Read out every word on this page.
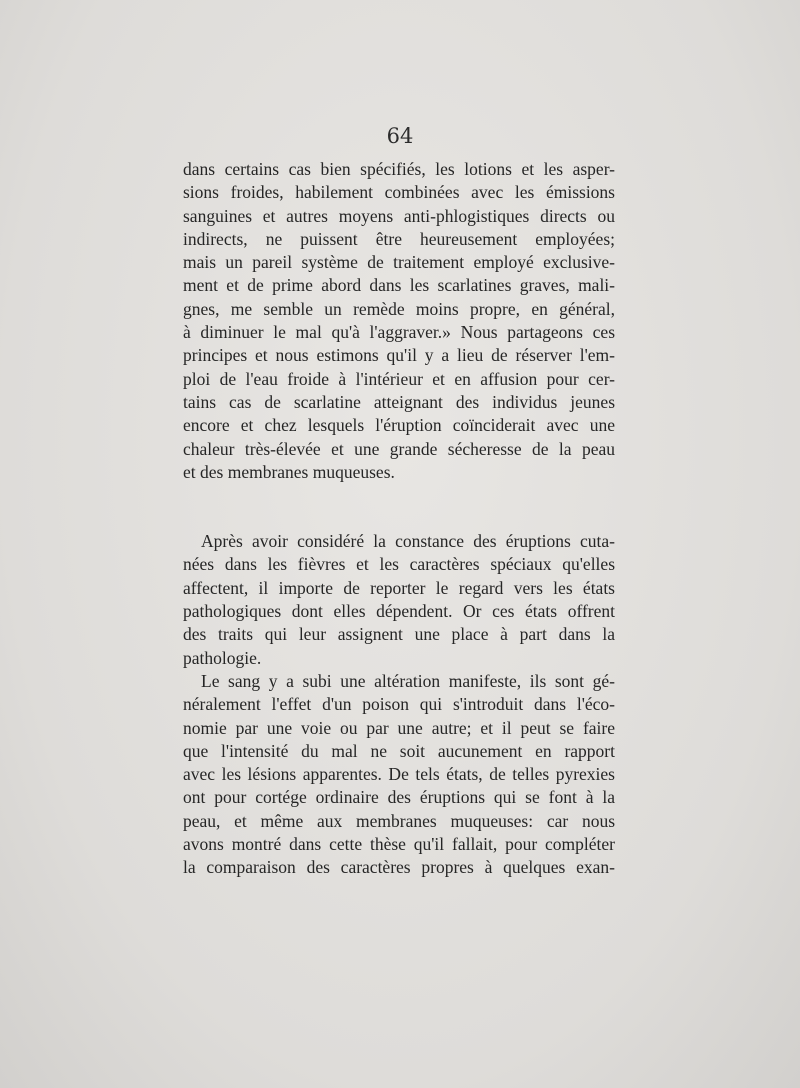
64
dans certains cas bien spécifiés, les lotions et les asper-
sions froides, habilement combinées avec les émissions
sanguines et autres moyens anti-phlogistiques directs ou
indirects, ne puissent être heureusement employées;
mais un pareil système de traitement employé exclusive-
ment et de prime abord dans les scarlatines graves, mali-
gnes, me semble un remède moins propre, en général,
à diminuer le mal qu'à l'aggraver.» Nous partageons ces
principes et nous estimons qu'il y a lieu de réserver l'em-
ploi de l'eau froide à l'intérieur et en affusion pour cer-
tains cas de scarlatine atteignant des individus jeunes
encore et chez lesquels l'éruption coïnciderait avec une
chaleur très-élevée et une grande sécheresse de la peau
et des membranes muqueuses.
Après avoir considéré la constance des éruptions cuta-
nées dans les fièvres et les caractères spéciaux qu'elles
affectent, il importe de reporter le regard vers les états
pathologiques dont elles dépendent. Or ces états offrent
des traits qui leur assignent une place à part dans la
pathologie.
Le sang y a subi une altération manifeste, ils sont gé-
néralement l'effet d'un poison qui s'introduit dans l'éco-
nomie par une voie ou par une autre; et il peut se faire
que l'intensité du mal ne soit aucunement en rapport
avec les lésions apparentes. De tels états, de telles pyrexies
ont pour cortége ordinaire des éruptions qui se font à la
peau, et même aux membranes muqueuses: car nous
avons montré dans cette thèse qu'il fallait, pour compléter
la comparaison des caractères propres à quelques exan-
